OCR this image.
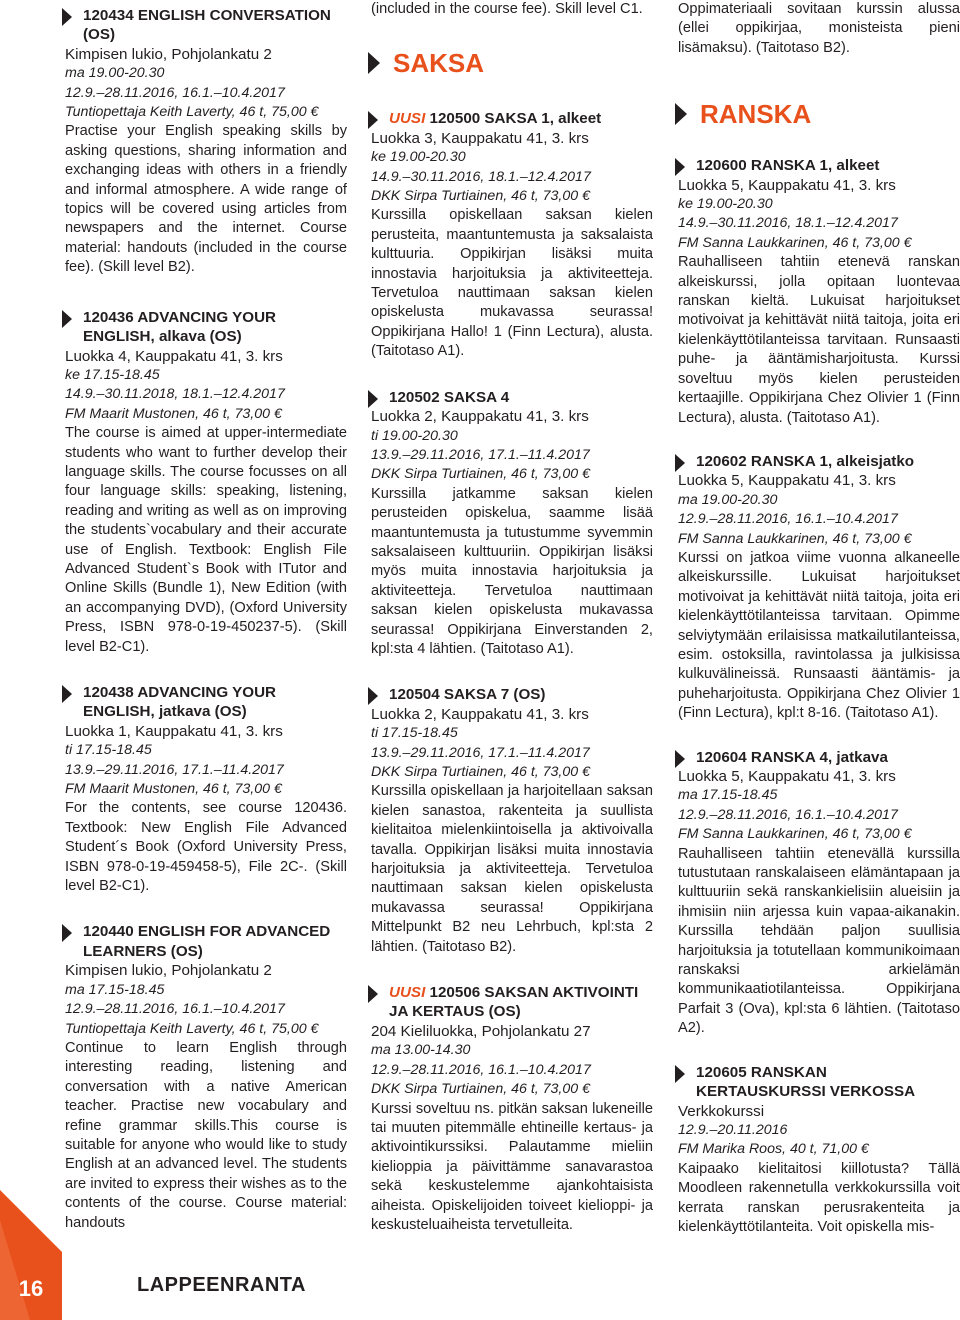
120434 ENGLISH CONVERSATION (OS)
Kimpisen lukio, Pohjolankatu 2
ma 19.00-20.30
12.9.–28.11.2016, 16.1.–10.4.2017
Tuntiopettaja Keith Laverty, 46 t, 75,00 €
Practise your English speaking skills by asking questions, sharing information and exchanging ideas with others in a friendly and informal atmosphere. A wide range of topics will be covered using articles from newspapers and the internet. Course material: handouts (included in the course fee). (Skill level B2).
120436 ADVANCING YOUR ENGLISH, alkava (OS)
Luokka 4, Kauppakatu 41, 3. krs
ke 17.15-18.45
14.9.–30.11.2018, 18.1.–12.4.2017
FM Maarit Mustonen, 46 t, 73,00 €
The course is aimed at upper-intermediate students who want to further develop their language skills. The course focusses on all four language skills: speaking, listening, reading and writing as well as on improving the students`vocabulary and their accurate use of English. Textbook: English File Advanced Student`s Book with ITutor and Online Skills (Bundle 1), New Edition (with an accompanying DVD), (Oxford University Press, ISBN 978-0-19-450237-5). (Skill level B2-C1).
120438 ADVANCING YOUR ENGLISH, jatkava (OS)
Luokka 1, Kauppakatu 41, 3. krs
ti 17.15-18.45
13.9.–29.11.2016, 17.1.–11.4.2017
FM Maarit Mustonen, 46 t, 73,00 €
For the contents, see course 120436. Textbook: New English File Advanced Student´s Book (Oxford University Press, ISBN 978-0-19-459458-5), File 2C-. (Skill level B2-C1).
120440 ENGLISH FOR ADVANCED LEARNERS (OS)
Kimpisen lukio, Pohjolankatu 2
ma 17.15-18.45
12.9.–28.11.2016, 16.1.–10.4.2017
Tuntiopettaja Keith Laverty, 46 t, 75,00 €
Continue to learn English through interesting reading, listening and conversation with a native American teacher. Practise new vocabulary and refine grammar skills.This course is suitable for anyone who would like to study English at an advanced level. The students are invited to express their wishes as to the contents of the course. Course material: handouts
(included in the course fee). Skill level C1.
SAKSA
UUSI 120500 SAKSA 1, alkeet
Luokka 3, Kauppakatu 41, 3. krs
ke 19.00-20.30
14.9.–30.11.2016, 18.1.–12.4.2017
DKK Sirpa Turtiainen, 46 t, 73,00 €
Kurssilla opiskellaan saksan kielen perusteita, maantuntemusta ja saksalaista kulttuuria. Oppikirjan lisäksi muita innostavia harjoituksia ja aktiviteetteja. Tervetuloa nauttimaan saksan kielen opiskelusta mukavassa seurassa! Oppikirjana Hallo! 1 (Finn Lectura), alusta. (Taitotaso A1).
120502 SAKSA 4
Luokka 2, Kauppakatu 41, 3. krs
ti 19.00-20.30
13.9.–29.11.2016, 17.1.–11.4.2017
DKK Sirpa Turtiainen, 46 t, 73,00 €
Kurssilla jatkamme saksan kielen perusteiden opiskelua, saamme lisää maantuntemusta ja tutustumme syvemmin saksalaiseen kulttuuriin. Oppikirjan lisäksi myös muita innostavia harjoituksia ja aktiviteetteja. Tervetuloa nauttimaan saksan kielen opiskelusta mukavassa seurassa! Oppikirjana Einverstanden 2, kpl:sta 4 lähtien. (Taitotaso A1).
120504 SAKSA 7 (OS)
Luokka 2, Kauppakatu 41, 3. krs
ti 17.15-18.45
13.9.–29.11.2016, 17.1.–11.4.2017
DKK Sirpa Turtiainen, 46 t, 73,00 €
Kurssilla opiskellaan ja harjoitellaan saksan kielen sanastoa, rakenteita ja suullista kielitaitoa mielenkiintoisella ja aktivoivalla tavalla. Oppikirjan lisäksi muita innostavia harjoituksia ja aktiviteetteja. Tervetuloa nauttimaan saksan kielen opiskelusta mukavassa seurassa! Oppikirjana Mittelpunkt B2 neu Lehrbuch, kpl:sta 2 lähtien. (Taitotaso B2).
UUSI 120506 SAKSAN AKTIVOINTI JA KERTAUS (OS)
204 Kieliluokka, Pohjolankatu 27
ma 13.00-14.30
12.9.–28.11.2016, 16.1.–10.4.2017
DKK Sirpa Turtiainen, 46 t, 73,00 €
Kurssi soveltuu ns. pitkän saksan lukeneille tai muuten pitemmälle ehtineille kertaus- ja aktivointikurssiksi. Palautamme mieliin kielioppia ja päivittämme sanavarastoa sekä keskustelemme ajankohtaisista aiheista. Opiskelijoiden toiveet kielioppi- ja keskusteluaiheista tervetulleita.
Oppimateriaali sovitaan kurssin alussa (ellei oppikirjaa, monisteista pieni lisämaksu). (Taitotaso B2).
RANSKA
120600 RANSKA 1, alkeet
Luokka 5, Kauppakatu 41, 3. krs
ke 19.00-20.30
14.9.–30.11.2016, 18.1.–12.4.2017
FM Sanna Laukkarinen, 46 t, 73,00 €
Rauhalliseen tahtiin etenevä ranskan alkeiskurssi, jolla opitaan luontevaa ranskan kieltä. Lukuisat harjoitukset motivoivat ja kehittävät niitä taitoja, joita eri kielenkäyttötilanteissa tarvitaan. Runsaasti puhe- ja ääntämisharjoitusta. Kurssi soveltuu myös kielen perusteiden kertaajille. Oppikirjana Chez Olivier 1 (Finn Lectura), alusta. (Taitotaso A1).
120602 RANSKA 1, alkeisjatko
Luokka 5, Kauppakatu 41, 3. krs
ma 19.00-20.30
12.9.–28.11.2016, 16.1.–10.4.2017
FM Sanna Laukkarinen, 46 t, 73,00 €
Kurssi on jatkoa viime vuonna alkaneelle alkeiskurssille. Lukuisat harjoitukset motivoivat ja kehittävät niitä taitoja, joita eri kielenkäyttötilanteissa tarvitaan. Opimme selviytymään erilaisissa matkailutilanteissa, esim. ostoksilla, ravintolassa ja julkisissa kulkuvälineissä. Runsaasti ääntämis- ja puheharjoitusta. Oppikirjana Chez Olivier 1 (Finn Lectura), kpl:t 8-16. (Taitotaso A1).
120604 RANSKA 4, jatkava
Luokka 5, Kauppakatu 41, 3. krs
ma 17.15-18.45
12.9.–28.11.2016, 16.1.–10.4.2017
FM Sanna Laukkarinen, 46 t, 73,00 €
Rauhalliseen tahtiin etenevällä kurssilla tutustutaan ranskalaiseen elämäntapaan ja kulttuuriin sekä ranskankielisiin alueisiin ja ihmisiin niin arjessa kuin vapaa-aikanakin. Kurssilla tehdään paljon suullisia harjoituksia ja totutellaan kommunikoimaan ranskaksi arkielämän kommunikaatiotilanteissa. Oppikirjana Parfait 3 (Ova), kpl:sta 6 lähtien. (Taitotaso A2).
120605 RANSKAN KERTAUSKURSSI VERKOSSA
Verkkokurssi
12.9.–20.11.2016
FM Marika Roos, 40 t, 71,00 €
Kaipaako kielitaitosi kiillotusta? Tällä Moodleen rakennetulla verkkokurssilla voit kerrata ranskan perusrakenteita ja kielenkäyttötilanteita. Voit opiskella mis-
16	LAPPEENRANTA
